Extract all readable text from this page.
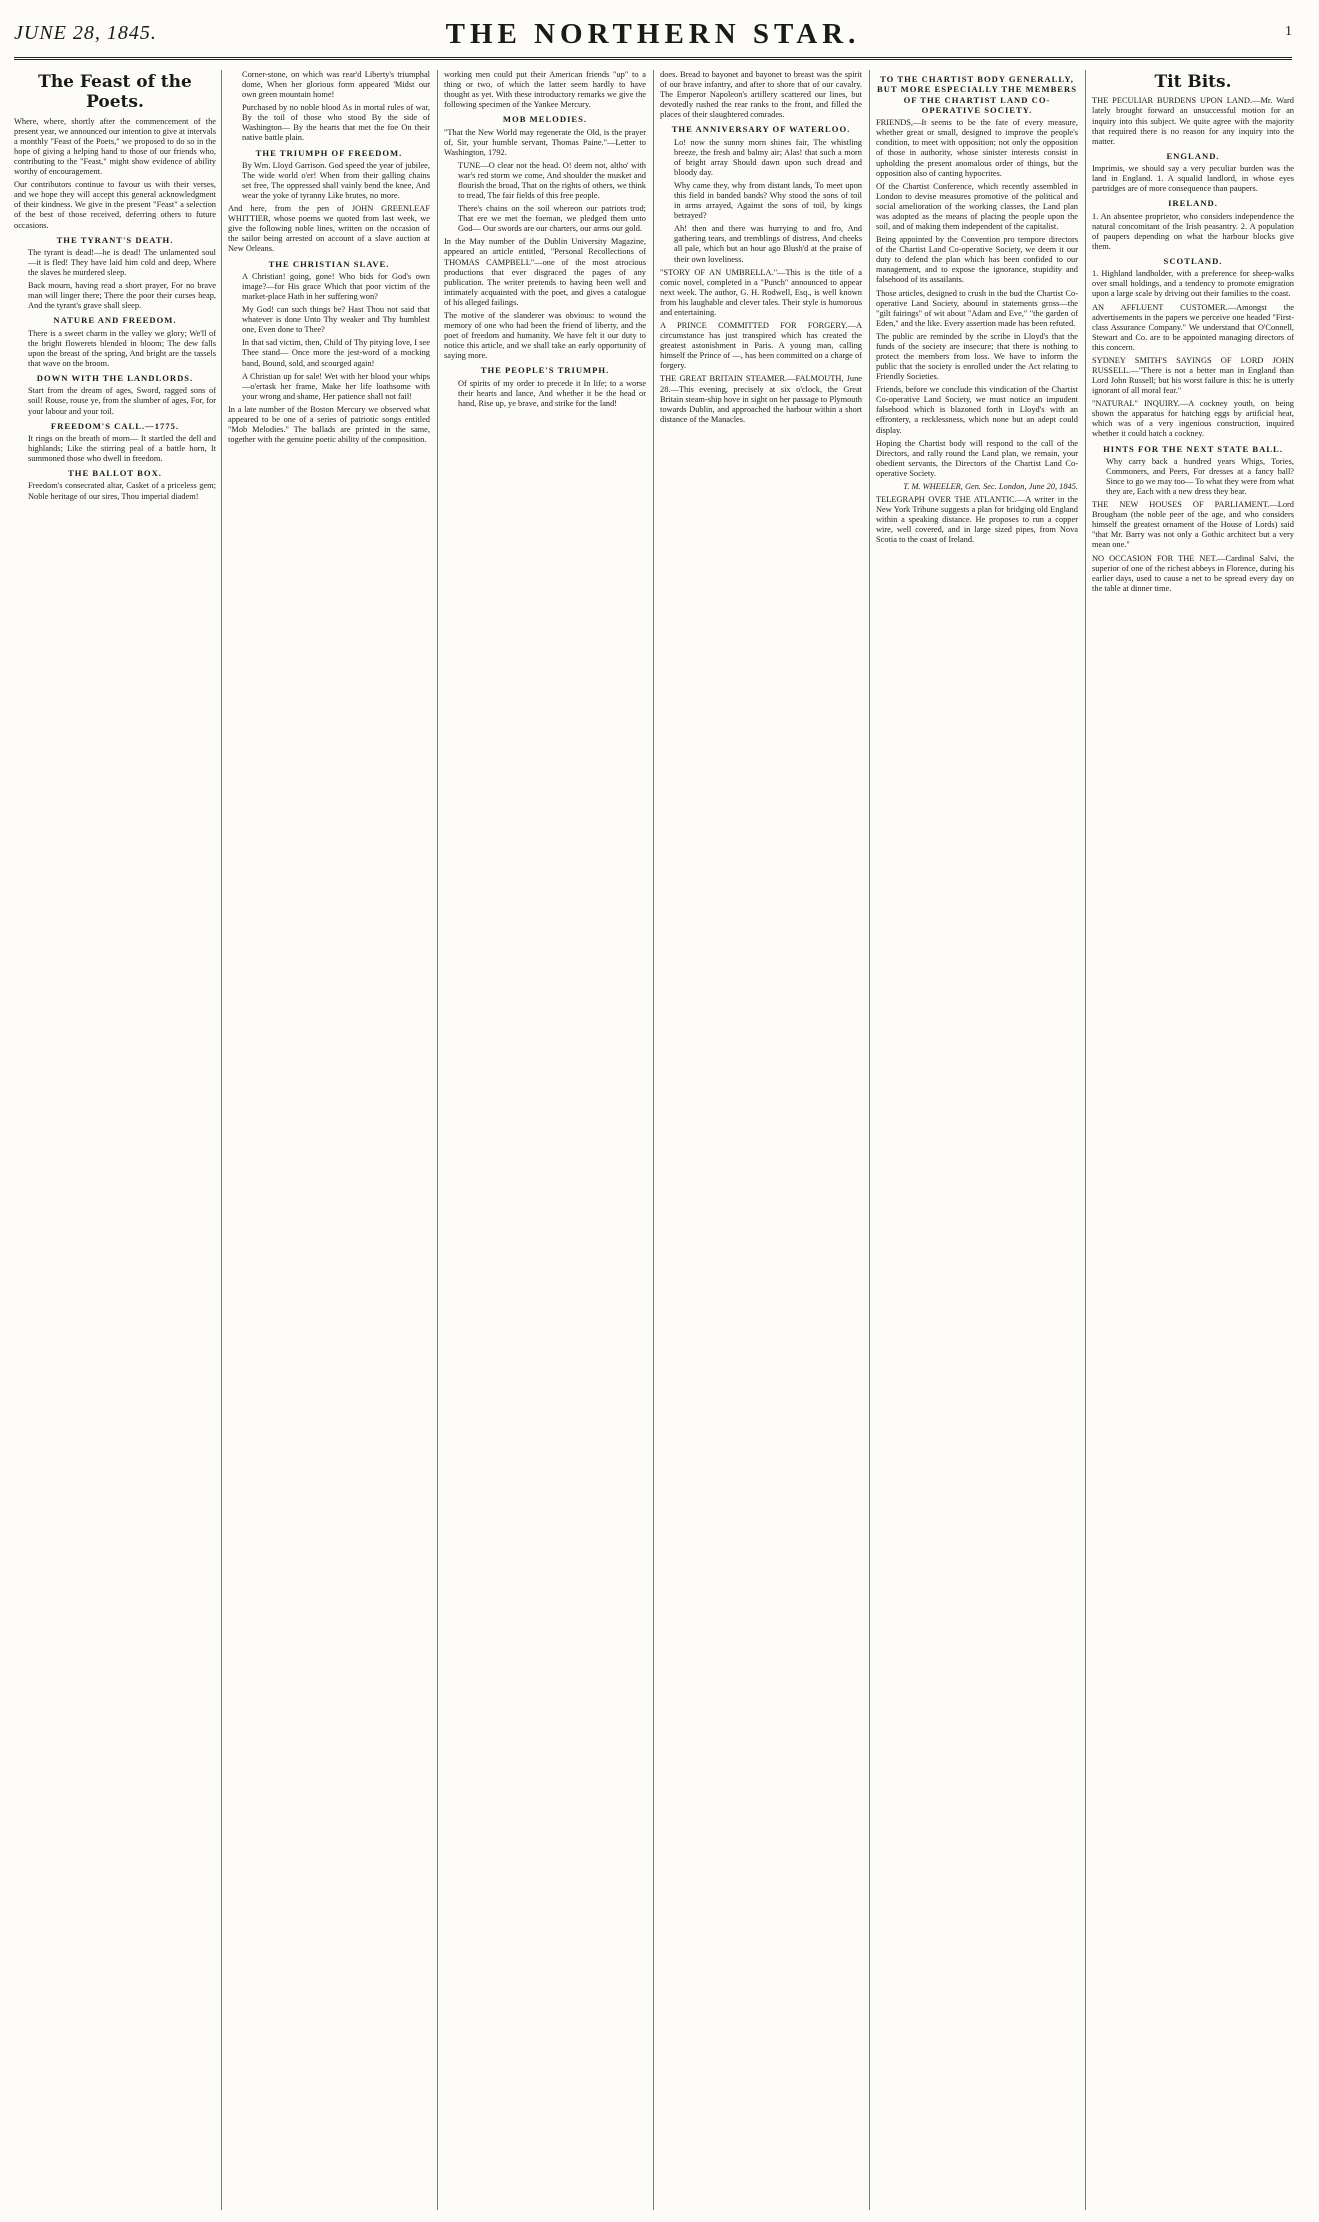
JUNE 28, 1845.	THE NORTHERN STAR.	1
The Feast of the Poets.
Where, where, shortly after the commencement of the present year, we announced our intention to give at intervals a monthly "Feast of the Poets," we proposed to do so in the hope of giving a helping hand to those of our friends who, contributing to the "Feast," might show evidence of ability worthy of encouragement.
Our contributors continue to favour us with their verses, and we hope they will accept this general acknowledgment of their kindness. We give in the present "Feast" a selection of the best of those received, deferring others to future occasions.
THE TYRANT'S DEATH.
The tyrant is dead!—he is dead! The unlamented soul—it is fled! They have laid him cold and deep, Where the slaves he murdered sleep.
Back mourn, having read a short prayer, For no brave man will linger there; There the poor their curses heap, And the tyrant's grave shall sleep.
NATURE AND FREEDOM.
There is a sweet charm in the valley we glory; We'll of the bright flowerets blended in bloom; The dew falls upon the breast of the spring, And bright are the tassels that wave on the broom.
DOWN WITH THE LANDLORDS.
Start from the dream of ages, Sword, ragged sons of soil! Rouse, rouse ye, from the slumber of ages, For, for your labour and your toil.
FREEDOM'S CALL.—1775.
It rings on the breath of morn— It startled the dell and highlands; Like the stirring peal of a battle horn, It summoned those who dwell in freedom.
THE BALLOT BOX.
Freedom's consecrated altar, Casket of a priceless gem; Noble heritage of our sires, Thou imperial diadem!
Corner-stone, on which was rear'd Liberty's triumphal dome, When her glorious form appeared 'Midst our own green mountain home!
Purchased by no noble blood As in mortal rules of war, By the toil of those who stood By the side of Washington— By the hearts that met the foe On their native battle plain.
THE TRIUMPH OF FREEDOM.
By Wm. Lloyd Garrison. God speed the year of jubilee, The wide world o'er! When from their galling chains set free, The oppressed shall vainly bend the knee, And wear the yoke of tyranny Like brutes, no more.
And here, from the pen of JOHN GREENLEAF WHITTIER, whose poems we quoted from last week, we give the following noble lines, written on the occasion of the sailor being arrested on account of a slave auction at New Orleans.
THE CHRISTIAN SLAVE.
A Christian! going, gone! Who bids for God's own image?—for His grace Which that poor victim of the market-place Hath in her suffering won?
My God! can such things be? Hast Thou not said that whatever is done Unto Thy weaker and Thy humblest one, Even done to Thee?
In that sad victim, then, Child of Thy pitying love, I see Thee stand— Once more the jest-word of a mocking band, Bound, sold, and scourged again!
A Christian up for sale! Wet with her blood your whips—o'ertask her frame, Make her life loathsome with your wrong and shame, Her patience shall not fail!
In a late number of the Boston Mercury we observed what appeared to be one of a series of patriotic songs entitled "Mob Melodies." The ballads are printed in the same, together with the genuine poetic ability of the composition.
working men could put their American friends "up" to a thing or two, of which the latter seem hardly to have thought as yet. With these introductory remarks we give the following specimen of the Yankee Mercury.
MOB MELODIES.
"That the New World may regenerate the Old, is the prayer of, Sir, your humble servant, Thomas Paine."—Letter to Washington, 1792.
TUNE—O clear not the head. O! deem not, altho' with war's red storm we come, And shoulder the musket and flourish the broad, That on the rights of others, we think to tread, The fair fields of this free people.
There's chains on the soil whereon our patriots trod; That ere we met the foeman, we pledged them unto God— Our swords are our charters, our arms our gold.
In the May number of the Dublin University Magazine, appeared an article entitled, "Personal Recollections of THOMAS CAMPBELL"—one of the most atrocious productions that ever disgraced the pages of any publication. The writer pretends to having been well and intimately acquainted with the poet, and gives a catalogue of his alleged failings.
The motive of the slanderer was obvious: to wound the memory of one who had been the friend of liberty, and the poet of freedom and humanity. We have felt it our duty to notice this article, and we shall take an early opportunity of saying more.
THE PEOPLE'S TRIUMPH.
Of spirits of my order to precede it In life; to a worse their hearts and lance, And whether it be the head or hand, Rise up, ye brave, and strike for the land!
does. Bread to bayonet and bayonet to breast was the spirit of our brave infantry, and after to shore that of our cavalry. The Emperor Napoleon's artillery scattered our lines, but devotedly rushed the rear ranks to the front, and filled the places of their slaughtered comrades.
THE ANNIVERSARY OF WATERLOO.
Lo! now the sunny morn shines fair, The whistling breeze, the fresh and balmy air; Alas! that such a morn of bright array Should dawn upon such dread and bloody day.
Why came they, why from distant lands, To meet upon this field in banded bands? Why stood the sons of toil in arms arrayed, Against the sons of toil, by kings betrayed?
Ah! then and there was hurrying to and fro, And gathering tears, and tremblings of distress, And cheeks all pale, which but an hour ago Blush'd at the praise of their own loveliness.
"STORY OF AN UMBRELLA."—This is the title of a comic novel, completed in a "Punch" announced to appear next week. The author, G. H. Rodwell, Esq., is well known from his laughable and clever tales. Their style is humorous and entertaining.
A PRINCE COMMITTED FOR FORGERY.—A circumstance has just transpired which has created the greatest astonishment in Paris. A young man, calling himself the Prince of —, has been committed on a charge of forgery.
THE GREAT BRITAIN STEAMER.—FALMOUTH, June 28.—This evening, precisely at six o'clock, the Great Britain steam-ship hove in sight on her passage to Plymouth towards Dublin, and approached the harbour within a short distance of the Manacles.
TO THE CHARTIST BODY GENERALLY, BUT MORE ESPECIALLY THE MEMBERS OF THE CHARTIST LAND CO-OPERATIVE SOCIETY.
FRIENDS,—It seems to be the fate of every measure, whether great or small, designed to improve the people's condition, to meet with opposition; not only the opposition of those in authority, whose sinister interests consist in upholding the present anomalous order of things, but the opposition also of canting hypocrites.
Of the Chartist Conference, which recently assembled in London to devise measures promotive of the political and social amelioration of the working classes, the Land plan was adopted as the means of placing the people upon the soil, and of making them independent of the capitalist.
Being appointed by the Convention pro tempore directors of the Chartist Land Co-operative Society, we deem it our duty to defend the plan which has been confided to our management, and to expose the ignorance, stupidity and falsehood of its assailants.
Those articles, designed to crush in the bud the Chartist Co-operative Land Society, abound in statements gross—the "gilt fairings" of wit about "Adam and Eve," "the garden of Eden," and the like. Every assertion made has been refuted.
The public are reminded by the scribe in Lloyd's that the funds of the society are insecure; that there is nothing to protect the members from loss. We have to inform the public that the society is enrolled under the Act relating to Friendly Societies.
Friends, before we conclude this vindication of the Chartist Co-operative Land Society, we must notice an impudent falsehood which is blazoned forth in Lloyd's with an effrontery, a recklessness, which none but an adept could display.
Hoping the Chartist body will respond to the call of the Directors, and rally round the Land plan, we remain, your obedient servants, the Directors of the Chartist Land Co-operative Society.
T. M. WHEELER, Gen. Sec. London, June 20, 1845.
TELEGRAPH OVER THE ATLANTIC.—A writer in the New York Tribune suggests a plan for bridging old England within a speaking distance. He proposes to run a copper wire, well covered, and in large sized pipes, from Nova Scotia to the coast of Ireland.
Tit Bits.
THE PECULIAR BURDENS UPON LAND.—Mr. Ward lately brought forward an unsuccessful motion for an inquiry into this subject. We quite agree with the majority that required there is no reason for any inquiry into the matter.
ENGLAND.
Imprimis, we should say a very peculiar burden was the land in England. 1. A squalid landlord, in whose eyes partridges are of more consequence than paupers.
IRELAND.
1. An absentee proprietor, who considers independence the natural concomitant of the Irish peasantry. 2. A population of paupers depending on what the harbour blocks give them.
SCOTLAND.
1. Highland landholder, with a preference for sheep-walks over small holdings, and a tendency to promote emigration upon a large scale by driving out their families to the coast.
AN AFFLUENT CUSTOMER.—Amongst the advertisements in the papers we perceive one headed "First-class Assurance Company." We understand that O'Connell, Stewart and Co. are to be appointed managing directors of this concern.
SYDNEY SMITH'S SAYINGS OF LORD JOHN RUSSELL.—"There is not a better man in England than Lord John Russell; but his worst failure is this: he is utterly ignorant of all moral fear."
"NATURAL" INQUIRY.—A cockney youth, on being shown the apparatus for hatching eggs by artificial heat, which was of a very ingenious construction, inquired whether it could hatch a cockney.
HINTS FOR THE NEXT STATE BALL.
Why carry back a hundred years Whigs, Tories, Commoners, and Peers, For dresses at a fancy ball? Since to go we may too— To what they were from what they are, Each with a new dress they bear.
THE NEW HOUSES OF PARLIAMENT.—Lord Brougham (the noble peer of the age, and who considers himself the greatest ornament of the House of Lords) said "that Mr. Barry was not only a Gothic architect but a very mean one."
NO OCCASION FOR THE NET.—Cardinal Salvi, the superior of one of the richest abbeys in Florence, during his earlier days, used to cause a net to be spread every day on the table at dinner time.
